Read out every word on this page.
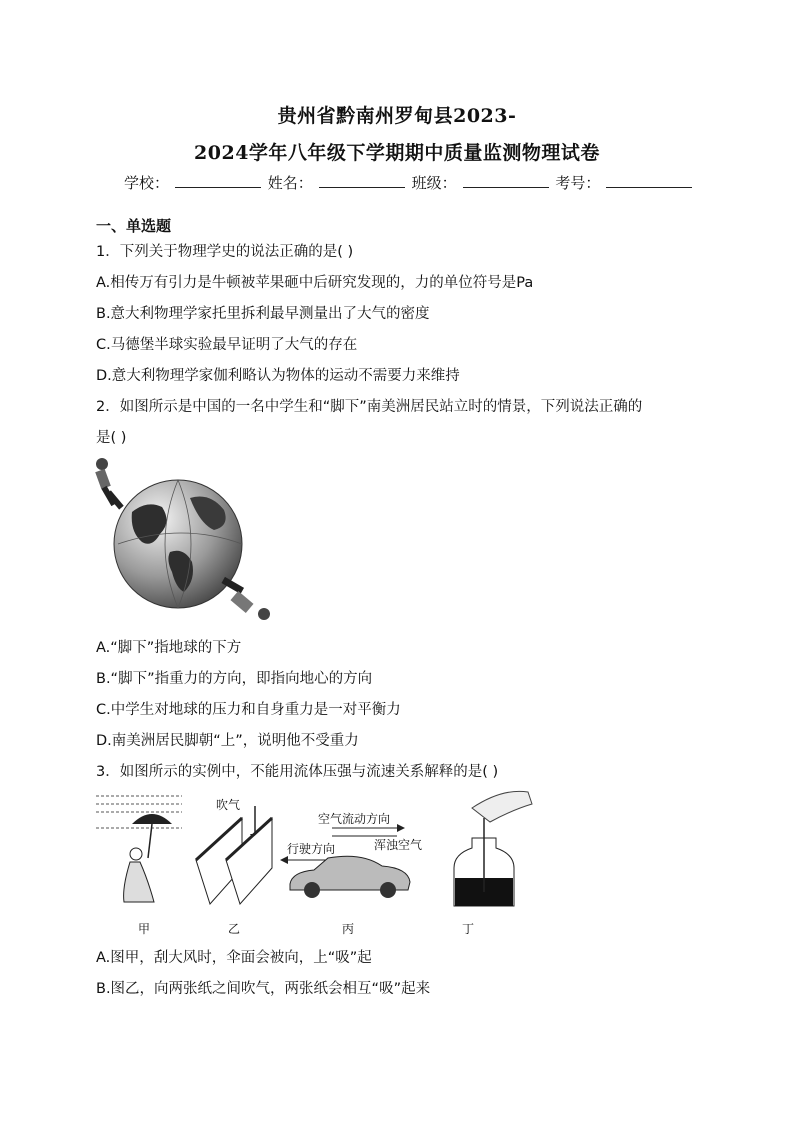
贵州省黔南州罗甸县2023-
2024学年八年级下学期期中质量监测物理试卷
学校：	姓名：	班级：	考号：
一、单选题
1．下列关于物理学史的说法正确的是( )
A.相传万有引力是牛顿被苹果砸中后研究发现的，力的单位符号是Pa
B.意大利物理学家托里拆利最早测量出了大气的密度
C.马德堡半球实验最早证明了大气的存在
D.意大利物理学家伽利略认为物体的运动不需要力来维持
2．如图所示是中国的一名中学生和“脚下”南美洲居民站立时的情景，下列说法正确的
是( )
A.“脚下”指地球的下方
B.“脚下”指重力的方向，即指向地心的方向
C.中学生对地球的压力和自身重力是一对平衡力
D.南美洲居民脚朝“上”，说明他不受重力
3．如图所示的实例中，不能用流体压强与流速关系解释的是( )
吹气
空气流动方向
行驶方向	浑浊空气
甲	乙	丙	丁
A.图甲，刮大风时，伞面会被向，上“吸”起
B.图乙，向两张纸之间吹气，两张纸会相互“吸”起来
